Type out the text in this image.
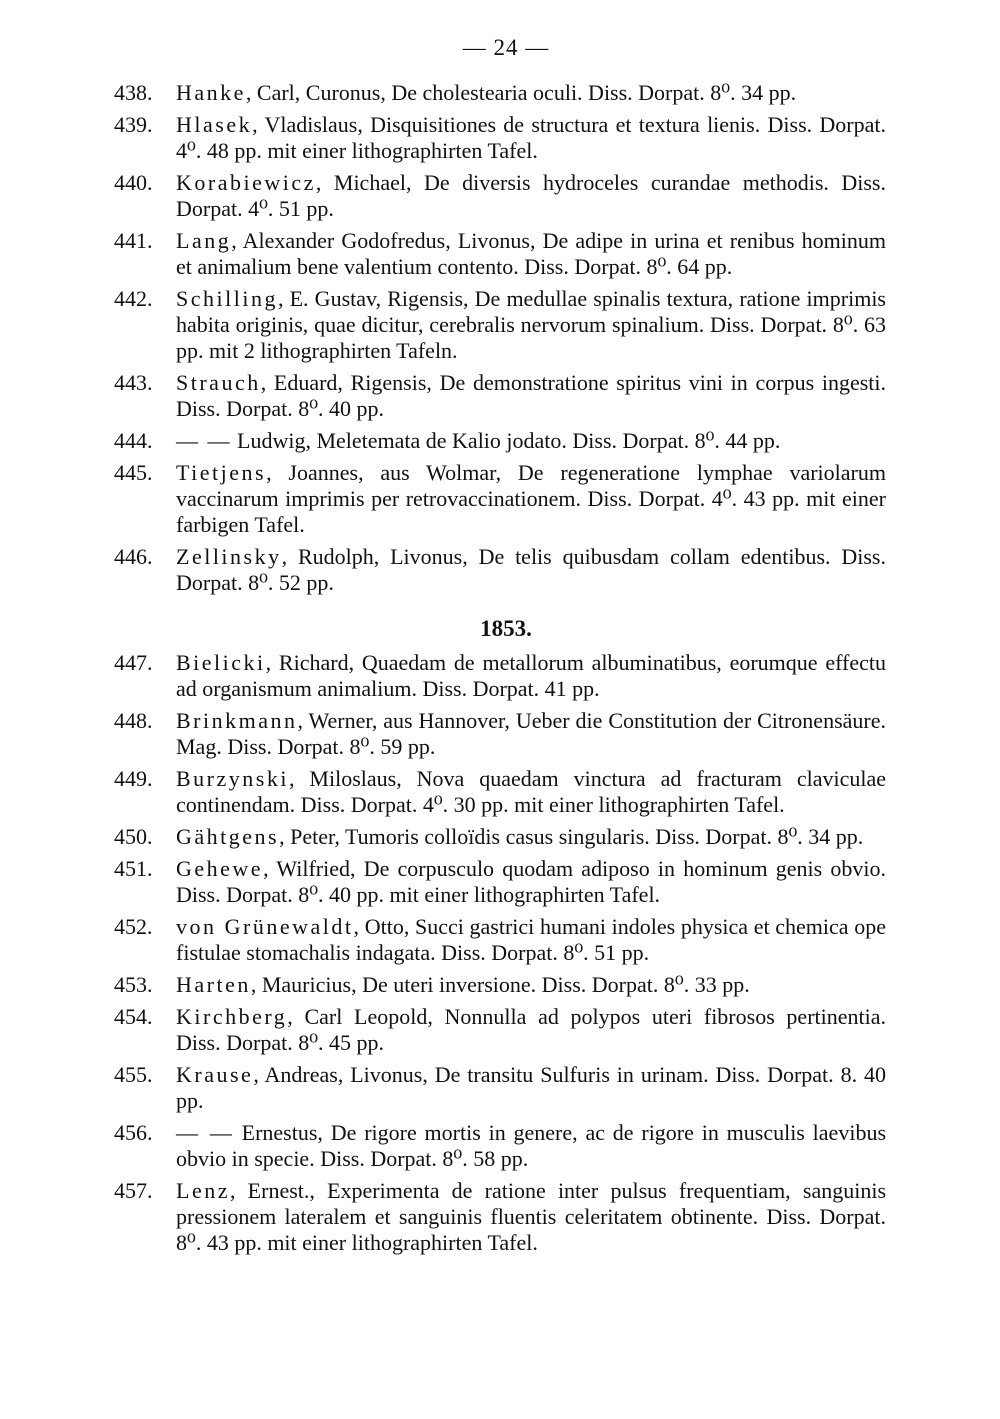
— 24 —
438.	Hanke, Carl, Curonus, De cholestearia oculi. Diss. Dorpat. 8⁰. 34 pp.
439.	Hlasek, Vladislaus, Disquisitiones de structura et textura lienis. Diss. Dorpat. 4⁰. 48 pp. mit einer lithographirten Tafel.
440.	Korabiewicz, Michael, De diversis hydroceles curandae methodis. Diss. Dorpat. 4⁰. 51 pp.
441.	Lang, Alexander Godofredus, Livonus, De adipe in urina et renibus hominum et animalium bene valentium contento. Diss. Dorpat. 8⁰. 64 pp.
442.	Schilling, E. Gustav, Rigensis, De medullae spinalis textura, ratione imprimis habita originis, quae dicitur, cerebralis nervorum spinalium. Diss. Dorpat. 8⁰. 63 pp. mit 2 lithographirten Tafeln.
443.	Strauch, Eduard, Rigensis, De demonstratione spiritus vini in corpus ingesti. Diss. Dorpat. 8⁰. 40 pp.
444.	— — Ludwig, Meletemata de Kalio jodato. Diss. Dorpat. 8⁰. 44 pp.
445.	Tietjens, Joannes, aus Wolmar, De regeneratione lymphae variolarum vaccinarum imprimis per retrovaccinationem. Diss. Dorpat. 4⁰. 43 pp. mit einer farbigen Tafel.
446.	Zellinsky, Rudolph, Livonus, De telis quibusdam collam edentibus. Diss. Dorpat. 8⁰. 52 pp.
1853.
447.	Bielicki, Richard, Quaedam de metallorum albuminatibus, eorumque effectu ad organismum animalium. Diss. Dorpat. 41 pp.
448.	Brinkmann, Werner, aus Hannover, Ueber die Constitution der Citronensäure. Mag. Diss. Dorpat. 8⁰. 59 pp.
449.	Burzynski, Miloslaus, Nova quaedam vinctura ad fracturam claviculae continendam. Diss. Dorpat. 4⁰. 30 pp. mit einer lithographirten Tafel.
450.	Gähtgens, Peter, Tumoris colloïdis casus singularis. Diss. Dorpat. 8⁰. 34 pp.
451.	Gehewe, Wilfried, De corpusculo quodam adiposo in hominum genis obvio. Diss. Dorpat. 8⁰. 40 pp. mit einer lithographirten Tafel.
452.	von Grünewaldt, Otto, Succi gastrici humani indoles physica et chemica ope fistulae stomachalis indagata. Diss. Dorpat. 8⁰. 51 pp.
453.	Harten, Mauricius, De uteri inversione. Diss. Dorpat. 8⁰. 33 pp.
454.	Kirchberg, Carl Leopold, Nonnulla ad polypos uteri fibrosos pertinentia. Diss. Dorpat. 8⁰. 45 pp.
455.	Krause, Andreas, Livonus, De transitu Sulfuris in urinam. Diss. Dorpat. 8. 40 pp.
456.	— — Ernestus, De rigore mortis in genere, ac de rigore in musculis laevibus obvio in specie. Diss. Dorpat. 8⁰. 58 pp.
457.	Lenz, Ernest., Experimenta de ratione inter pulsus frequentiam, sanguinis pressionem lateralem et sanguinis fluentis celeritatem obtinente. Diss. Dorpat. 8⁰. 43 pp. mit einer lithographirten Tafel.
